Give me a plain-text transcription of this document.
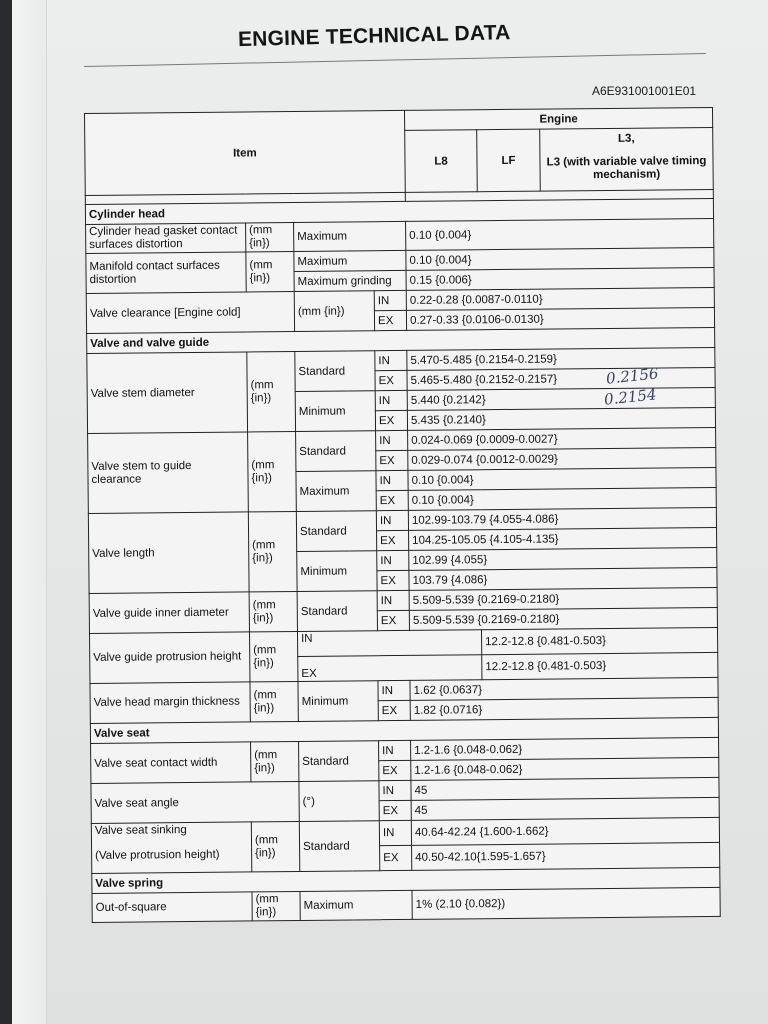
ENGINE TECHNICAL DATA
A6E931001001E01
Item				Engine		
				L8	LF	L3,
						L3 (with variable valve timing mechanism)

Cylinder head						
Cylinder head gasket contact surfaces distortion	(mm {in})	Maximum		0.10 {0.004}		
Manifold contact surfaces distortion	(mm {in})	Maximum		0.10 {0.004}		
		Maximum grinding		0.15 {0.006}		
Valve clearance [Engine cold]		(mm {in})	IN	0.22-0.28 {0.0087-0.0110}		
			EX	0.27-0.33 {0.0106-0.0130}		
Valve and valve guide						
Valve stem diameter	(mm {in})	Standard	IN	5.470-5.485 {0.2154-0.2159}		
			EX	5.465-5.480 {0.2152-0.2157}		
		Minimum	IN	5.440 {0.2142}		
			EX	5.435 {0.2140}		
Valve stem to guide clearance	(mm {in})	Standard	IN	0.024-0.069 {0.0009-0.0027}		
			EX	0.029-0.074 {0.0012-0.0029}		
		Maximum	IN	0.10 {0.004}		
			EX	0.10 {0.004}		
Valve length	(mm {in})	Standard	IN	102.99-103.79 {4.055-4.086}		
			EX	104.25-105.05 {4.105-4.135}		
		Minimum	IN	102.99 {4.055}		
			EX	103.79 {4.086}		
Valve guide inner diameter	(mm {in})	Standard	IN	5.509-5.539 {0.2169-0.2180}		
			EX	5.509-5.539 {0.2169-0.2180}		
Valve guide protrusion height	(mm {in})	IN			12.2-12.8 {0.481-0.503}	
		EX			12.2-12.8 {0.481-0.503}	
Valve head margin thickness	(mm {in})	Minimum	IN	1.62 {0.0637}		
			EX	1.82 {0.0716}		
Valve seat						
Valve seat contact width	(mm {in})	Standard	IN	1.2-1.6 {0.048-0.062}		
			EX	1.2-1.6 {0.048-0.062}		
Valve seat angle		(°)	IN	45		
			EX	45		

Valve seat sinking
(Valve protrusion height)	(mm {in})	Standard	IN	40.64-42.24 {1.600-1.662}		
			EX	40.50-42.10{1.595-1.657}		
Valve spring						
Out-of-square	(mm {in})	Maximum		1% (2.10 {0.082})		
0.2156
0.2154
